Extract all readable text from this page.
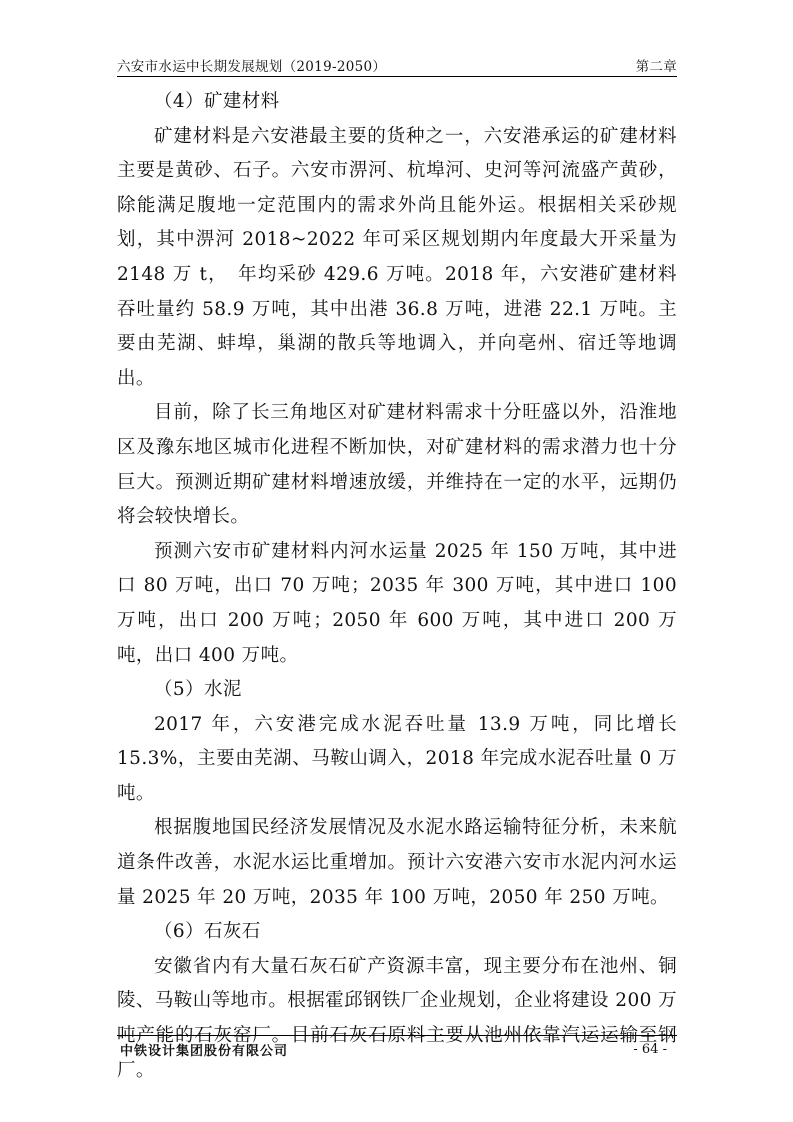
六安市水运中长期发展规划（2019-2050）	第二章

（4）矿建材料

矿建材料是六安港最主要的货种之一，六安港承运的矿建材料主要是黄砂、石子。六安市淠河、杭埠河、史河等河流盛产黄砂，除能满足腹地一定范围内的需求外尚且能外运。根据相关采砂规划，其中淠河 2018~2022 年可采区规划期内年度最大开采量为 2148 万 t，　年均采砂 429.6 万吨。2018 年，六安港矿建材料吞吐量约 58.9 万吨，其中出港 36.8 万吨，进港 22.1 万吨。主要由芜湖、蚌埠，巢湖的散兵等地调入，并向亳州、宿迁等地调出。

目前，除了长三角地区对矿建材料需求十分旺盛以外，沿淮地区及豫东地区城市化进程不断加快，对矿建材料的需求潜力也十分巨大。预测近期矿建材料增速放缓，并维持在一定的水平，远期仍将会较快增长。

预测六安市矿建材料内河水运量 2025 年 150 万吨，其中进口 80 万吨，出口 70 万吨；2035 年 300 万吨，其中进口 100 万吨，出口 200 万吨；2050 年 600 万吨，其中进口 200 万吨，出口 400 万吨。

（5）水泥

2017 年，六安港完成水泥吞吐量 13.9 万吨，同比增长 15.3%，主要由芜湖、马鞍山调入，2018 年完成水泥吞吐量 0 万吨。

根据腹地国民经济发展情况及水泥水路运输特征分析，未来航道条件改善，水泥水运比重增加。预计六安港六安市水泥内河水运量 2025 年 20 万吨，2035 年 100 万吨，2050 年 250 万吨。

（6）石灰石

安徽省内有大量石灰石矿产资源丰富，现主要分布在池州、铜陵、马鞍山等地市。根据霍邱钢铁厂企业规划，企业将建设 200 万吨产能的石灰窑厂。目前石灰石原料主要从池州依靠汽运运输至钢厂。

中铁设计集团股份有限公司	- 64 -
